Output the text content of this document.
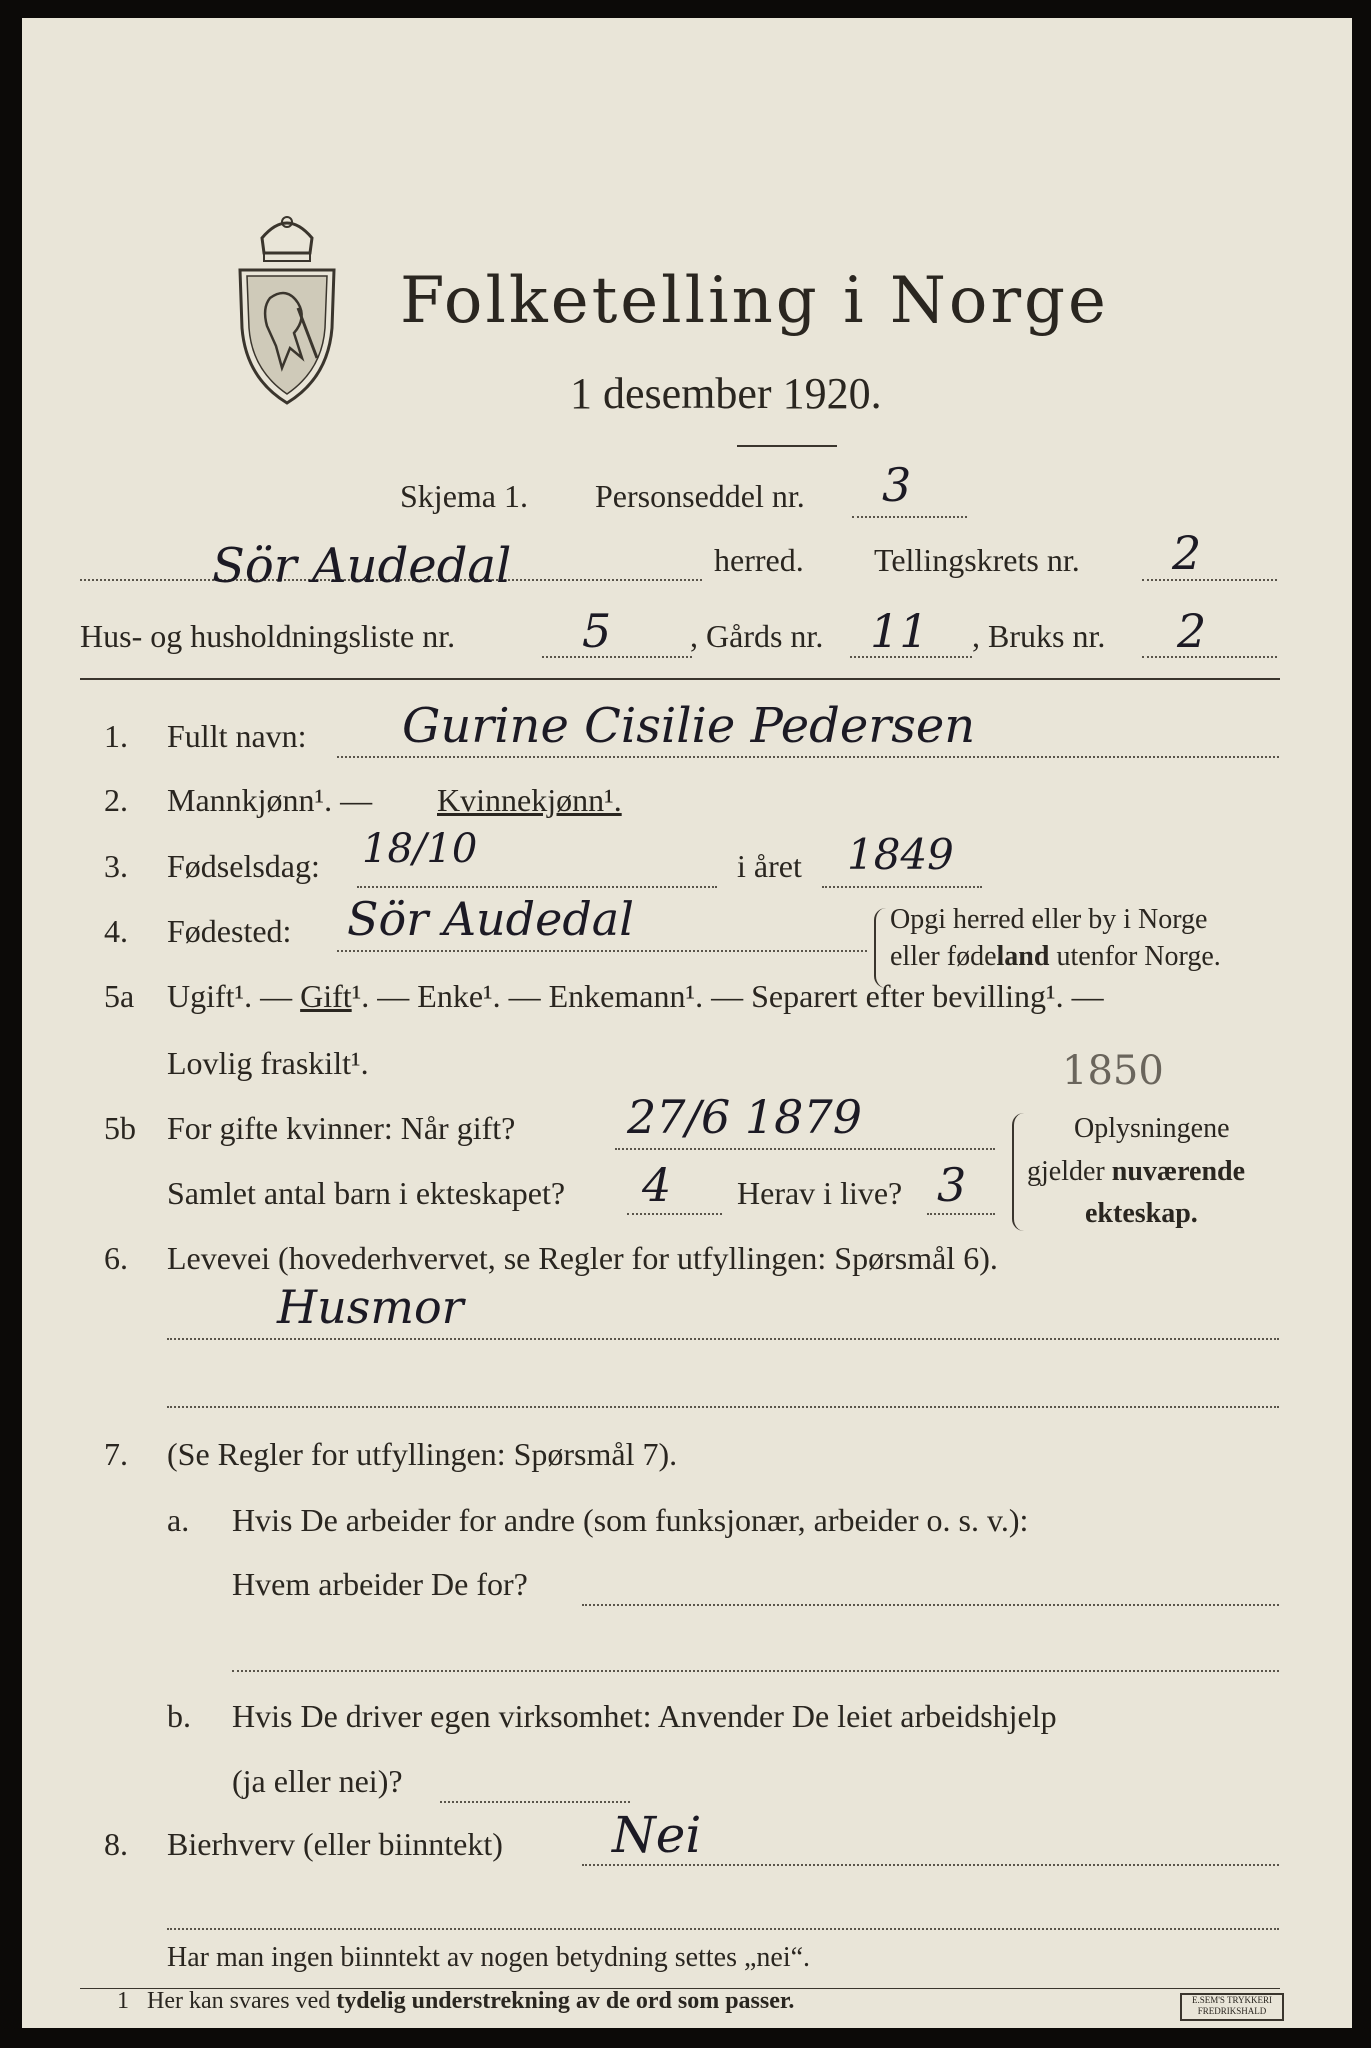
Folketelling i Norge
1 desember 1920.
Skjema 1. Personseddel nr. 3
Sör Audedal	herred. Tellingskrets nr. 2
Hus- og husholdningsliste nr.	5 , Gårds nr. 11 , Bruks nr. 2
1. Fullt navn: Gurine Cisilie Pedersen
2. Mannkjønn¹. — Kvinnekjønn¹.
3. Fødselsdag: 18/10	i året 1849
4. Fødested: Sör Audedal	Opgi herred eller by i Norge
eller fødeland utenfor Norge.
5a Ugift¹. — Gift¹. — Enke¹. — Enkemann¹. — Separert efter bevilling¹. —
Lovlig fraskilt¹.	1850
5b For gifte kvinner: Når gift? 27/6 1879
Samlet antal barn i ekteskapet? 4 Herav i live? 3
Oplysningene
gjelder nuværende
ekteskap.
6. Levevei (hovederhvervet, se Regler for utfyllingen: Spørsmål 6).
Husmor
7. (Se Regler for utfyllingen: Spørsmål 7).
a. Hvis De arbeider for andre (som funksjonær, arbeider o. s. v.):
Hvem arbeider De for?
b. Hvis De driver egen virksomhet: Anvender De leiet arbeidshjelp
(ja eller nei)?
8. Bierhverv (eller biinntekt) Nei
Har man ingen biinntekt av nogen betydning settes „nei“.
1 Her kan svares ved tydelig understrekning av de ord som passer.	E.SEM'S TRYKKERI
FREDRIKSHALD
